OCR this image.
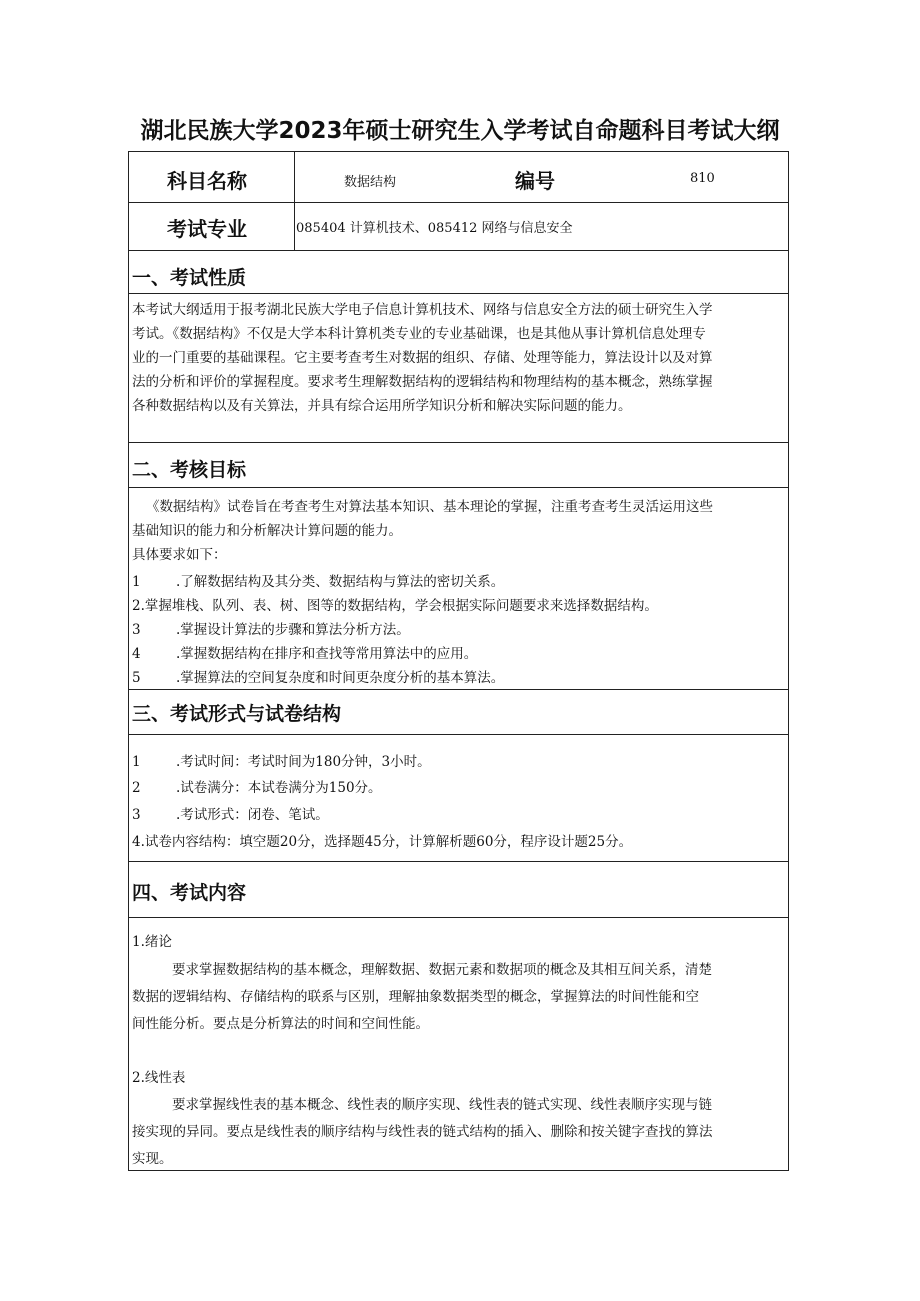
湖北民族大学2023年硕士研究生入学考试自命题科目考试大纲
科目名称	数据结构	编号	810
考试专业	085404 计算机技术、085412 网络与信息安全
一、考试性质
本考试大纲适用于报考湖北民族大学电子信息计算机技术、网络与信息安全方法的硕士研究生入学
考试。《数据结构》不仅是大学本科计算机类专业的专业基础课，也是其他从事计算机信息处理专
业的一门重要的基础课程。它主要考查考生对数据的组织、存储、处理等能力，算法设计以及对算
法的分析和评价的掌握程度。要求考生理解数据结构的逻辑结构和物理结构的基本概念，熟练掌握
各种数据结构以及有关算法，并具有综合运用所学知识分析和解决实际问题的能力。
二、考核目标
《数据结构》试卷旨在考查考生对算法基本知识、基本理论的掌握，注重考查考生灵活运用这些
基础知识的能力和分析解决计算问题的能力。
具体要求如下：
1	.了解数据结构及其分类、数据结构与算法的密切关系。
2.掌握堆栈、队列、表、树、图等的数据结构，学会根据实际问题要求来选择数据结构。
3	.掌握设计算法的步骤和算法分析方法。
4	.掌握数据结构在排序和查找等常用算法中的应用。
5	.掌握算法的空间复杂度和时间更杂度分析的基本算法。
三、考试形式与试卷结构
1	.考试时间：考试时间为180分钟，3小时。
2	.试卷满分：本试卷满分为150分。
3	.考试形式：闭卷、笔试。
4.试卷内容结构：填空题20分，选择题45分，计算解析题60分，程序设计题25分。
四、考试内容
1.绪论
要求掌握数据结构的基本概念，理解数据、数据元素和数据项的概念及其相互间关系，清楚
数据的逻辑结构、存储结构的联系与区别，理解抽象数据类型的概念，掌握算法的时间性能和空
间性能分析。要点是分析算法的时间和空间性能。
2.线性表
要求掌握线性表的基本概念、线性表的顺序实现、线性表的链式实现、线性表顺序实现与链
接实现的异同。要点是线性表的顺序结构与线性表的链式结构的插入、删除和按关键字查找的算法
实现。
